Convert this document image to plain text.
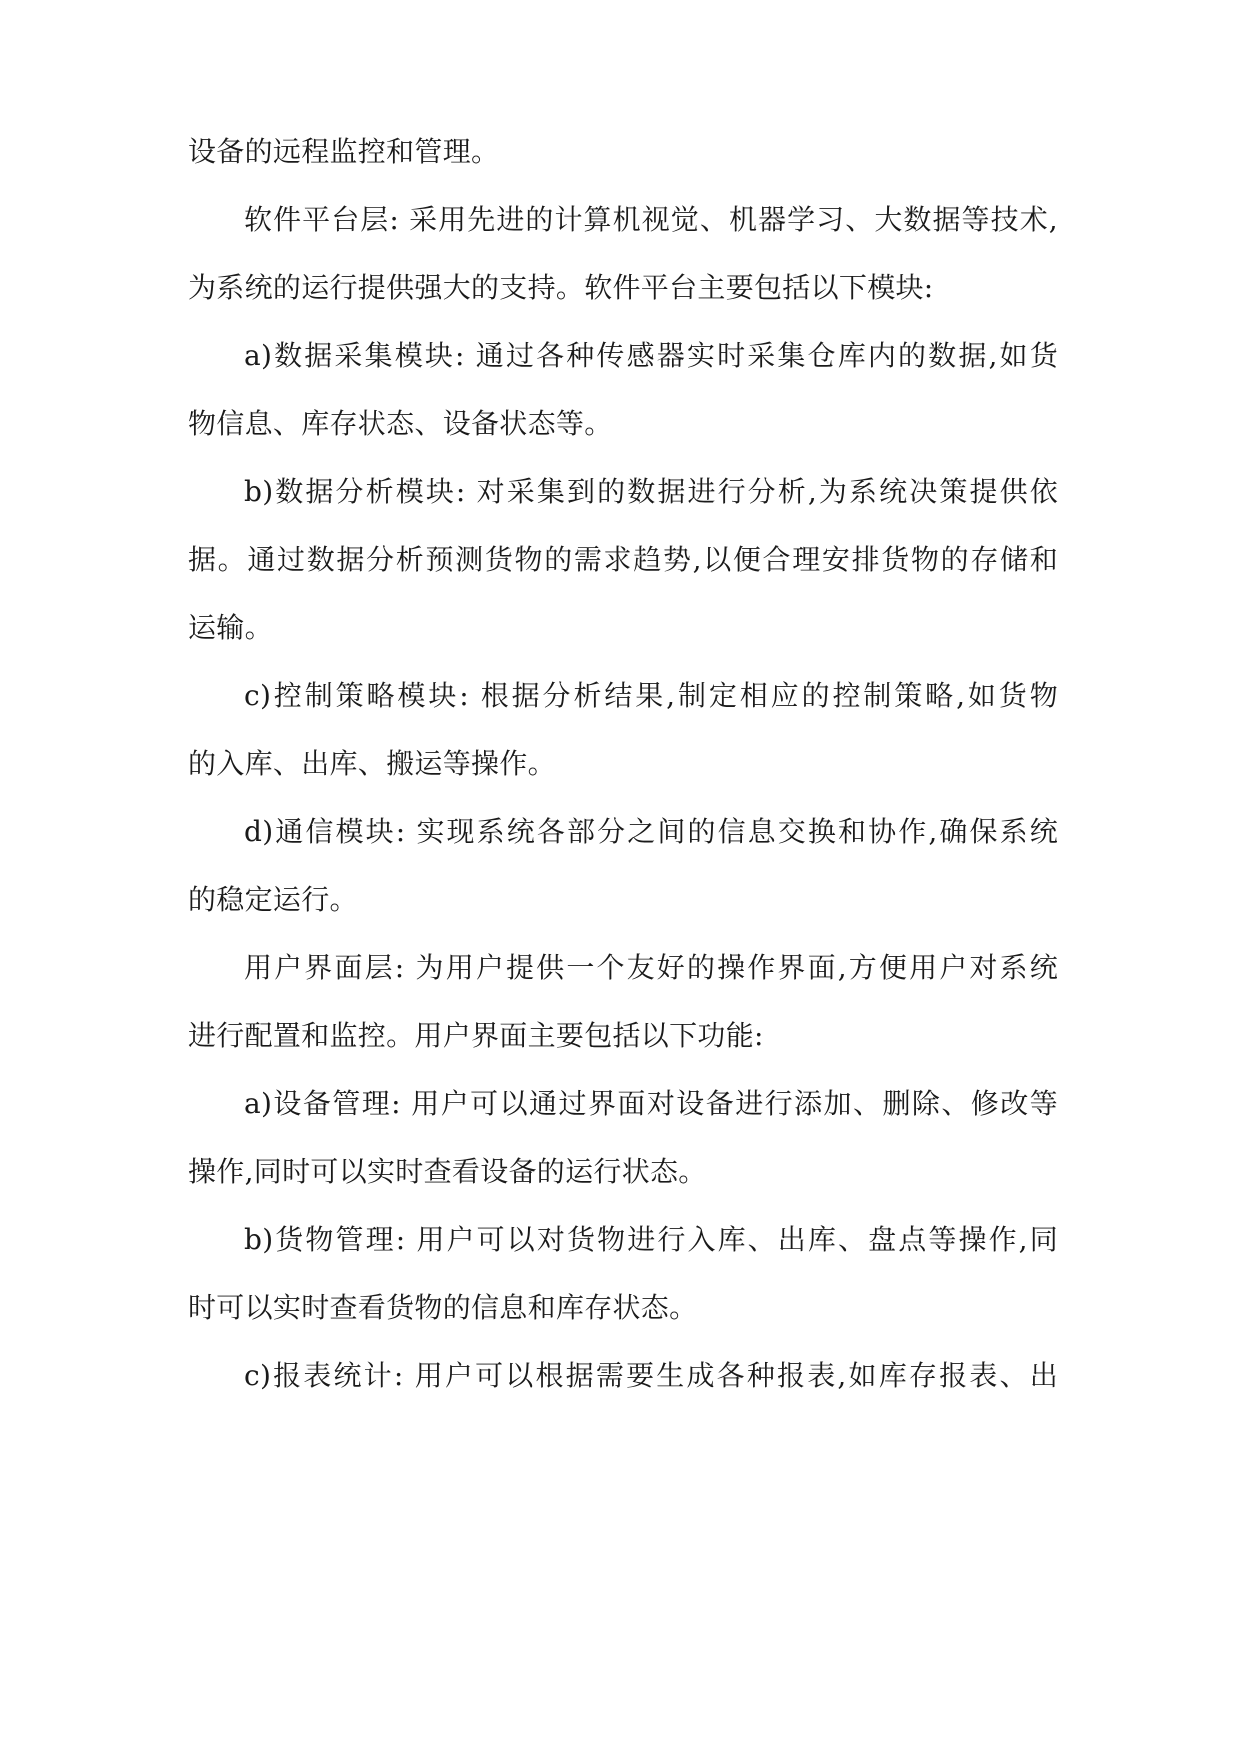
设备的远程监控和管理。
软件平台层: 采用先进的计算机视觉、机器学习、大数据等技术,
为系统的运行提供强大的支持。软件平台主要包括以下模块:
a)数据采集模块: 通过各种传感器实时采集仓库内的数据,如货
物信息、库存状态、设备状态等。
b)数据分析模块: 对采集到的数据进行分析,为系统决策提供依
据。通过数据分析预测货物的需求趋势,以便合理安排货物的存储和
运输。
c)控制策略模块: 根据分析结果,制定相应的控制策略,如货物
的入库、出库、搬运等操作。
d)通信模块: 实现系统各部分之间的信息交换和协作,确保系统
的稳定运行。
用户界面层: 为用户提供一个友好的操作界面,方便用户对系统
进行配置和监控。用户界面主要包括以下功能:
a)设备管理: 用户可以通过界面对设备进行添加、删除、修改等
操作,同时可以实时查看设备的运行状态。
b)货物管理: 用户可以对货物进行入库、出库、盘点等操作,同
时可以实时查看货物的信息和库存状态。
c)报表统计: 用户可以根据需要生成各种报表,如库存报表、出
